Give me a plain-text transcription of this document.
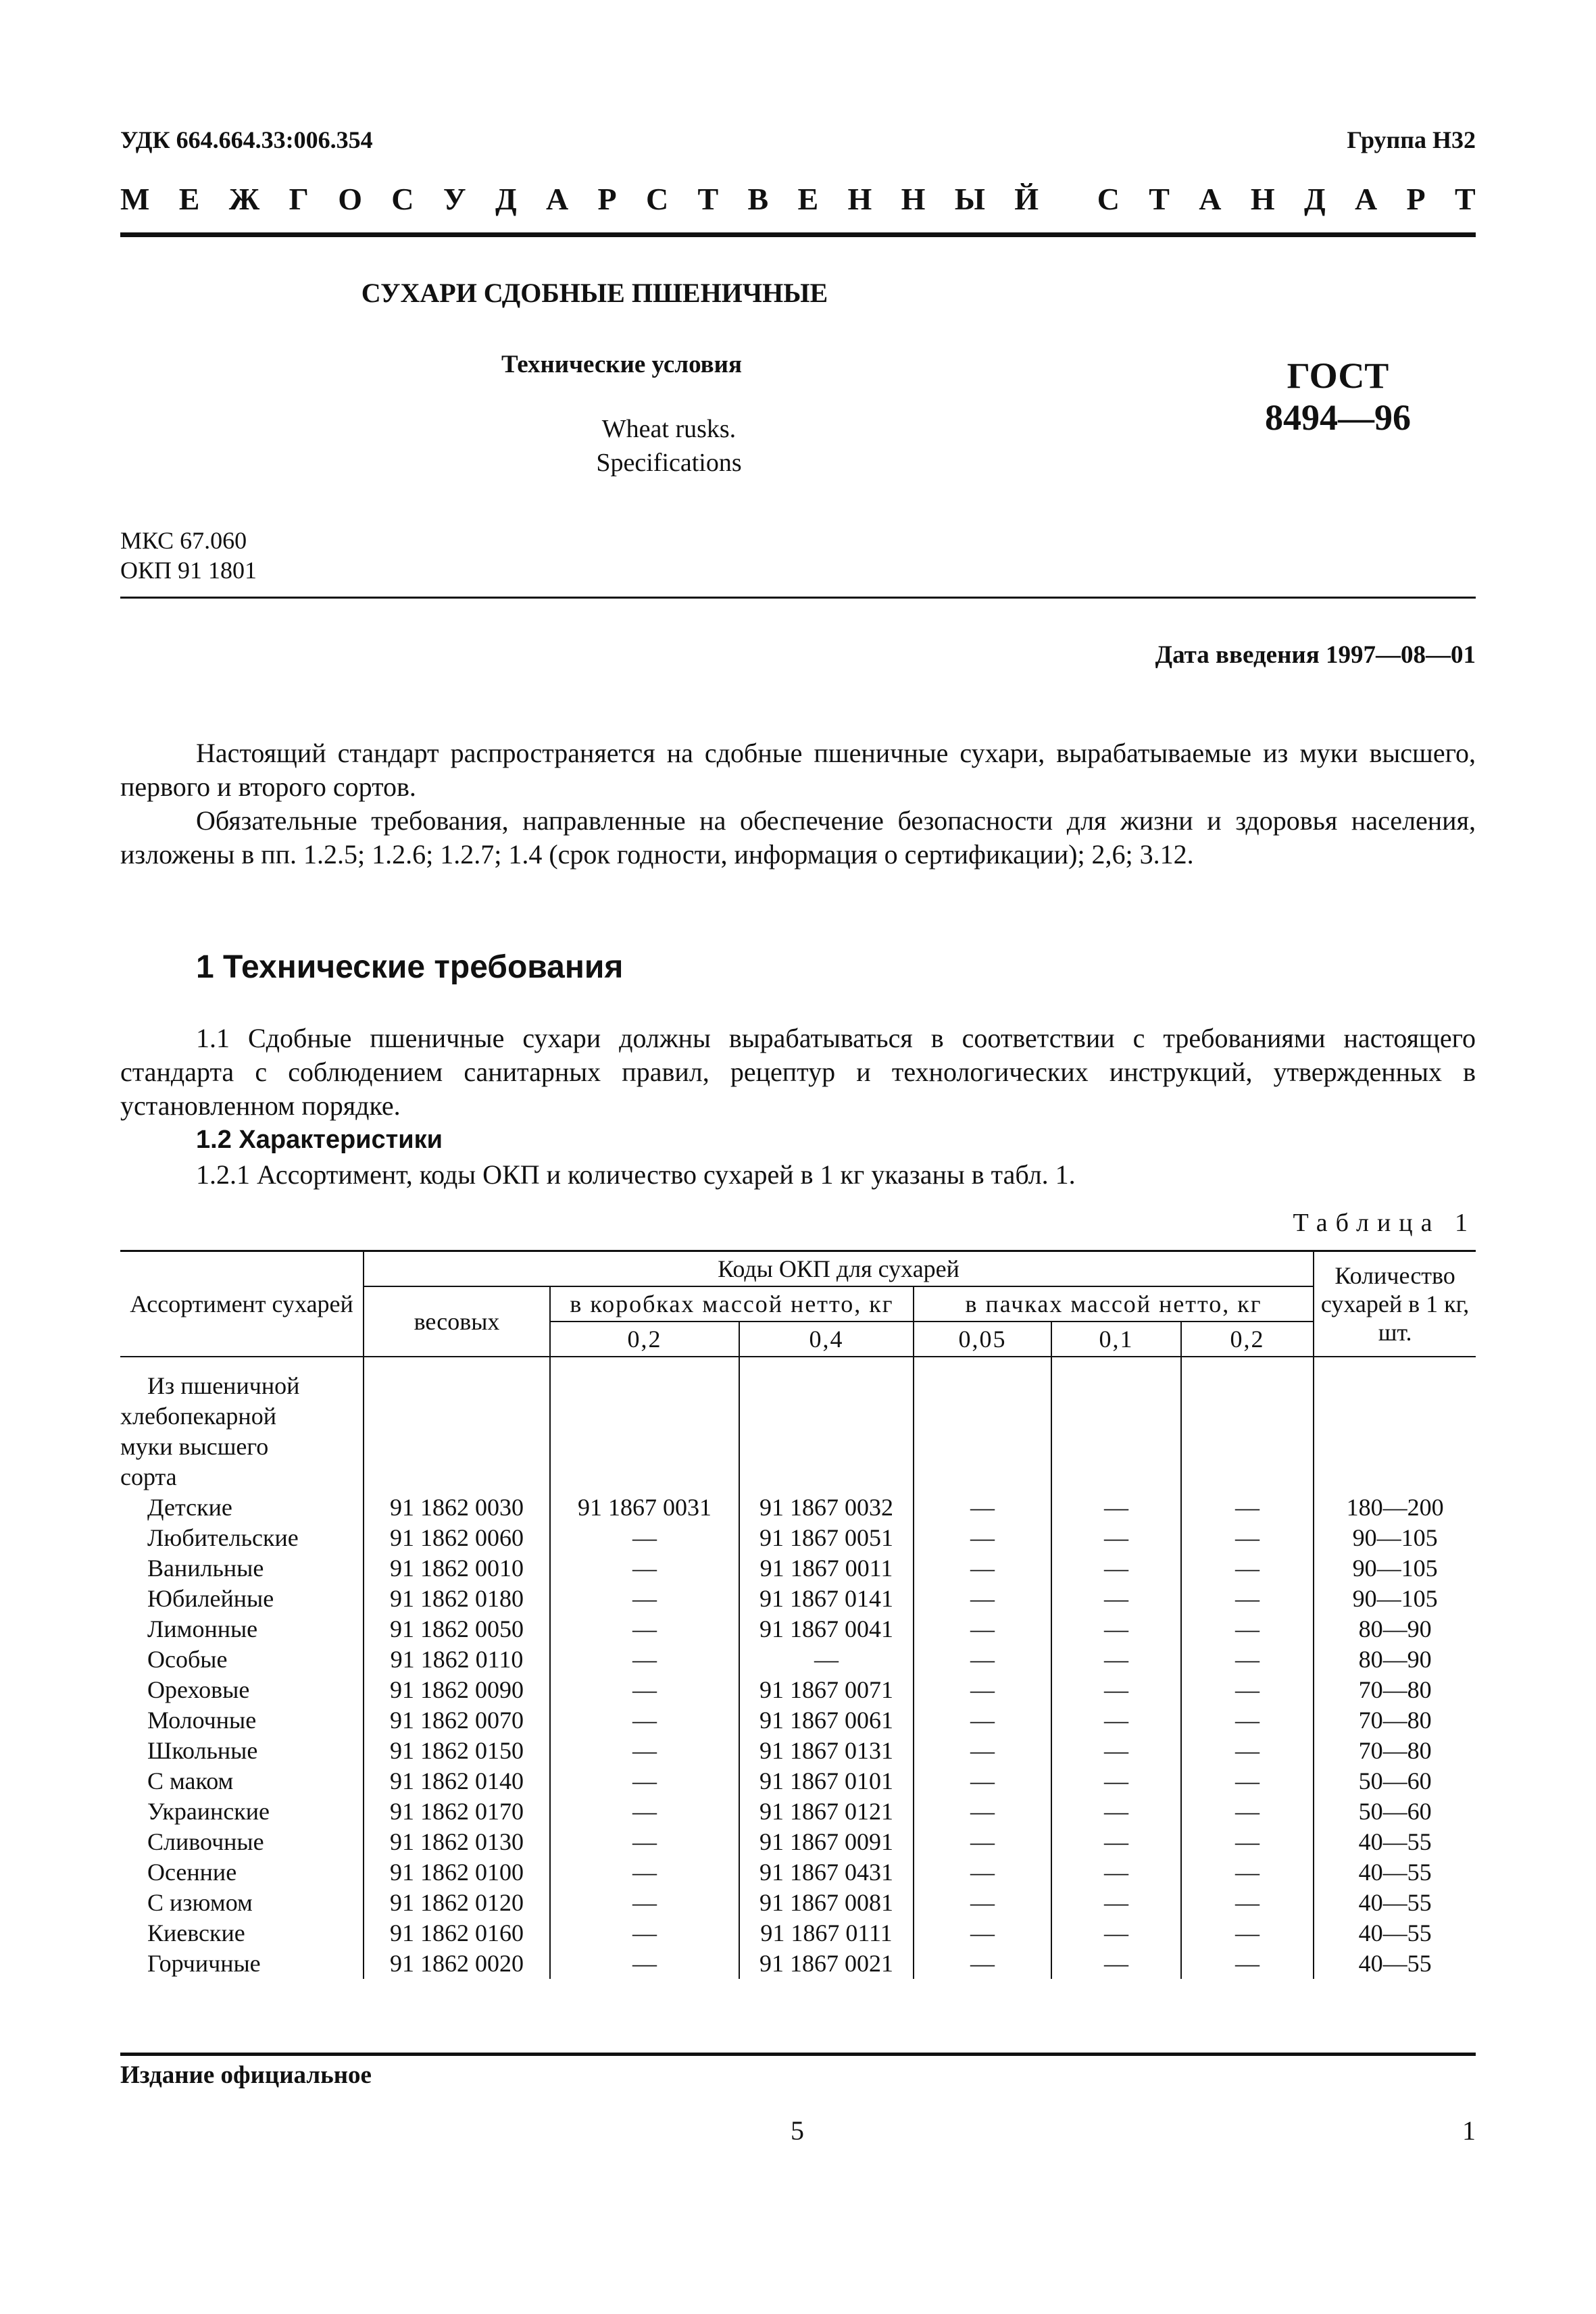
УДК 664.664.33:006.354	Группа Н32
М Е Ж Г О С У Д А Р С Т В Е Н Н Ы Й С Т А Н Д А Р Т
СУХАРИ СДОБНЫЕ ПШЕНИЧНЫЕ
Технические условия
Wheat rusks.
Specifications
ГОСТ
8494—96
МКС 67.060
ОКП 91 1801
Дата введения 1997—08—01
Настоящий стандарт распространяется на сдобные пшеничные сухари, вырабатываемые из муки высшего, первого и второго сортов.
Обязательные требования, направленные на обеспечение безопасности для жизни и здоровья населения, изложены в пп. 1.2.5; 1.2.6; 1.2.7; 1.4 (срок годности, информация о сертификации); 2,6; 3.12.
1 Технические требования
1.1 Сдобные пшеничные сухари должны вырабатываться в соответствии с требованиями настоящего стандарта с соблюдением санитарных правил, рецептур и технологических инструкций, утвержденных в установленном порядке.
1.2 Характеристики
1.2.1 Ассортимент, коды ОКП и количество сухарей в 1 кг указаны в табл. 1.
Таблица 1
Ассортимент сухарей	Коды ОКП для сухарей						Количество сухарей в 1 кг, шт.
	весовых	в коробках массой нетто, кг		в пачках массой нетто, кг			
		0,2	0,4	0,05	0,1	0,2	

Из пшеничной
хлебопекарной
муки высшего
сорта							

Детские	91 1862 0030	91 1867 0031	91 1867 0032	—	—	—	180—200
Любительские	91 1862 0060	—	91 1867 0051	—	—	—	90—105
Ванильные	91 1862 0010	—	91 1867 0011	—	—	—	90—105
Юбилейные	91 1862 0180	—	91 1867 0141	—	—	—	90—105
Лимонные	91 1862 0050	—	91 1867 0041	—	—	—	80—90
Особые	91 1862 0110	—	—	—	—	—	80—90
Ореховые	91 1862 0090	—	91 1867 0071	—	—	—	70—80
Молочные	91 1862 0070	—	91 1867 0061	—	—	—	70—80
Школьные	91 1862 0150	—	91 1867 0131	—	—	—	70—80
С маком	91 1862 0140	—	91 1867 0101	—	—	—	50—60
Украинские	91 1862 0170	—	91 1867 0121	—	—	—	50—60
Сливочные	91 1862 0130	—	91 1867 0091	—	—	—	40—55
Осенние	91 1862 0100	—	91 1867 0431	—	—	—	40—55
С изюмом	91 1862 0120	—	91 1867 0081	—	—	—	40—55
Киевские	91 1862 0160	—	91 1867 0111	—	—	—	40—55
Горчичные	91 1862 0020	—	91 1867 0021	—	—	—	40—55
Издание официальное
5	1
